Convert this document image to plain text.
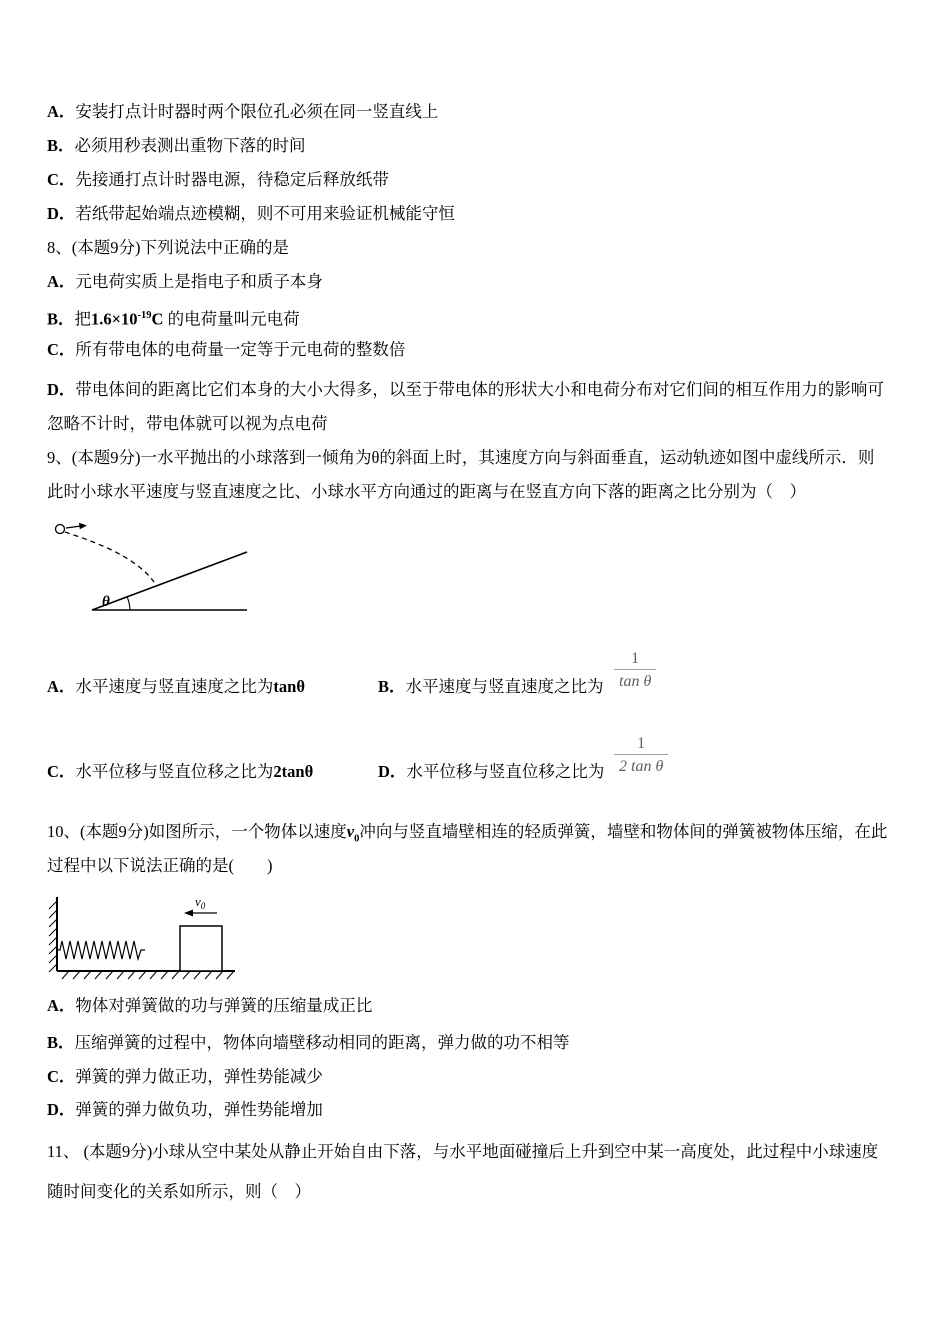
A．安装打点计时器时两个限位孔必须在同一竖直线上
B．必须用秒表测出重物下落的时间
C．先接通打点计时器电源，待稳定后释放纸带
D．若纸带起始端点迹模糊，则不可用来验证机械能守恒
8、(本题9分)下列说法中正确的是
A．元电荷实质上是指电子和质子本身
B．把$1.6\times 10^{-19}C$ 的电荷量叫元电荷
C．所有带电体的电荷量一定等于元电荷的整数倍
D．带电体间的距离比它们本身的大小大得多，以至于带电体的形状大小和电荷分布对它们间的相互作用力的影响可
忽略不计时，带电体就可以视为点电荷
9、(本题9分)一水平抛出的小球落到一倾角为θ的斜面上时，其速度方向与斜面垂直，运动轨迹如图中虚线所示．则
此时小球水平速度与竖直速度之比、小球水平方向通过的距离与在竖直方向下落的距离之比分别为（　）
θ
A．水平速度与竖直速度之比为tanθ	B．水平速度与竖直速度之比为 $\frac{1}{\text{tan θ}}$
C．水平位移与竖直位移之比为2tanθ	D．水平位移与竖直位移之比为 $\frac{1}{\text{2 tan θ}}$
10、(本题9分)如图所示，一个物体以速度$v_0$冲向与竖直墙壁相连的轻质弹簧，墙壁和物体间的弹簧被物体压缩，在此
过程中以下说法正确的是(　　)
$v_0$
A．物体对弹簧做的功与弹簧的压缩量成正比
B．压缩弹簧的过程中，物体向墙壁移动相同的距离，弹力做的功不相等
C．弹簧的弹力做正功，弹性势能减少
D．弹簧的弹力做负功，弹性势能增加
11、 (本题9分)小球从空中某处从静止开始自由下落，与水平地面碰撞后上升到空中某一高度处，此过程中小球速度
随时间变化的关系如所示，则（　）
